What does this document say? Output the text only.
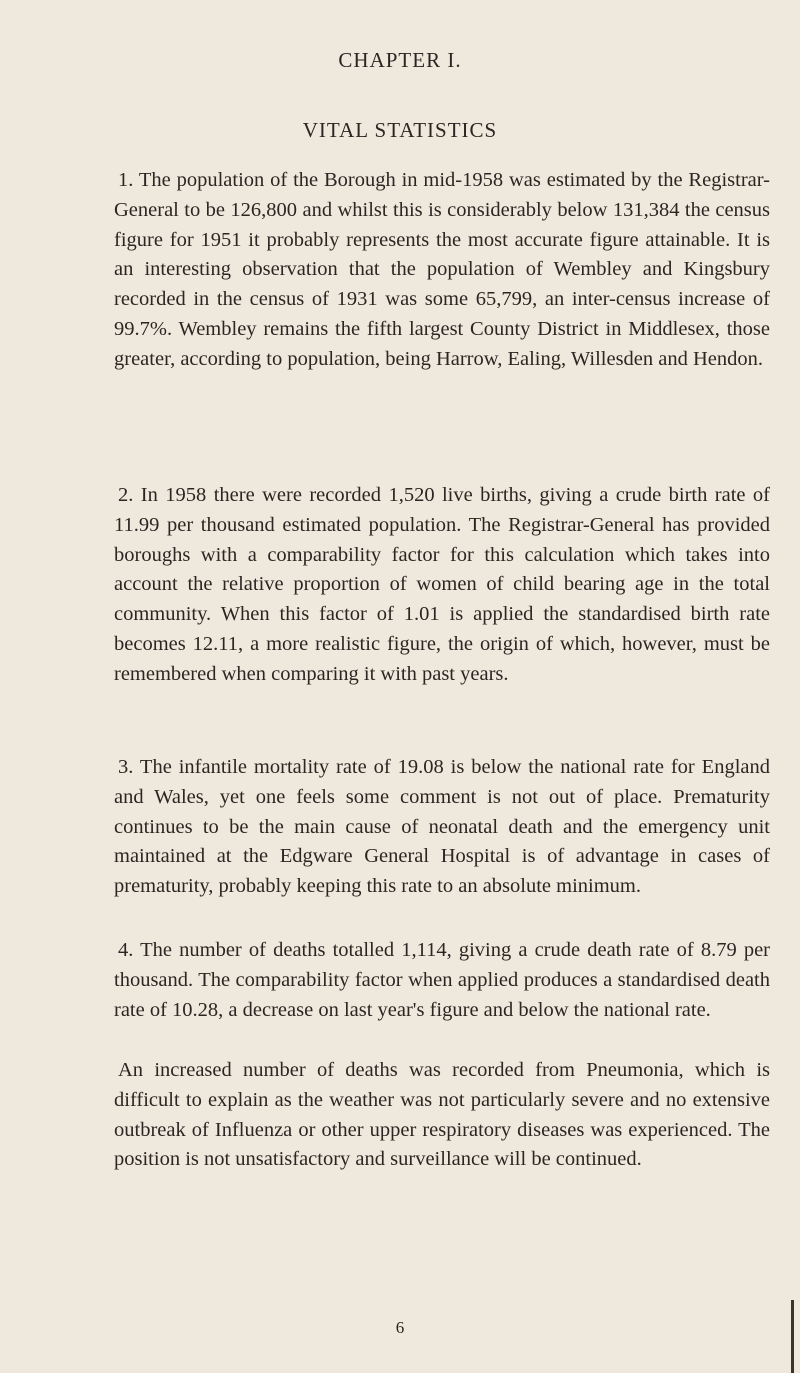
CHAPTER I.
VITAL STATISTICS

1. The population of the Borough in mid-1958 was estimated by the Registrar-General to be 126,800 and whilst this is considerably below 131,384 the census figure for 1951 it probably represents the most accurate figure attainable. It is an interesting observation that the population of Wembley and Kingsbury recorded in the census of 1931 was some 65,799, an inter-census increase of 99.7%. Wembley remains the fifth largest County District in Middlesex, those greater, according to population, being Harrow, Ealing, Willesden and Hendon.

2. In 1958 there were recorded 1,520 live births, giving a crude birth rate of 11.99 per thousand estimated population. The Registrar-General has provided boroughs with a comparability factor for this calculation which takes into account the relative proportion of women of child bearing age in the total community. When this factor of 1.01 is applied the standardised birth rate becomes 12.11, a more realistic figure, the origin of which, however, must be remembered when comparing it with past years.

3. The infantile mortality rate of 19.08 is below the national rate for England and Wales, yet one feels some comment is not out of place. Prematurity continues to be the main cause of neonatal death and the emergency unit maintained at the Edgware General Hospital is of advantage in cases of prematurity, probably keeping this rate to an absolute minimum.

4. The number of deaths totalled 1,114, giving a crude death rate of 8.79 per thousand. The comparability factor when applied produces a standardised death rate of 10.28, a decrease on last year's figure and below the national rate.

An increased number of deaths was recorded from Pneumonia, which is difficult to explain as the weather was not particularly severe and no extensive outbreak of Influenza or other upper respiratory diseases was experienced. The position is not unsatisfactory and surveillance will be continued.

6
